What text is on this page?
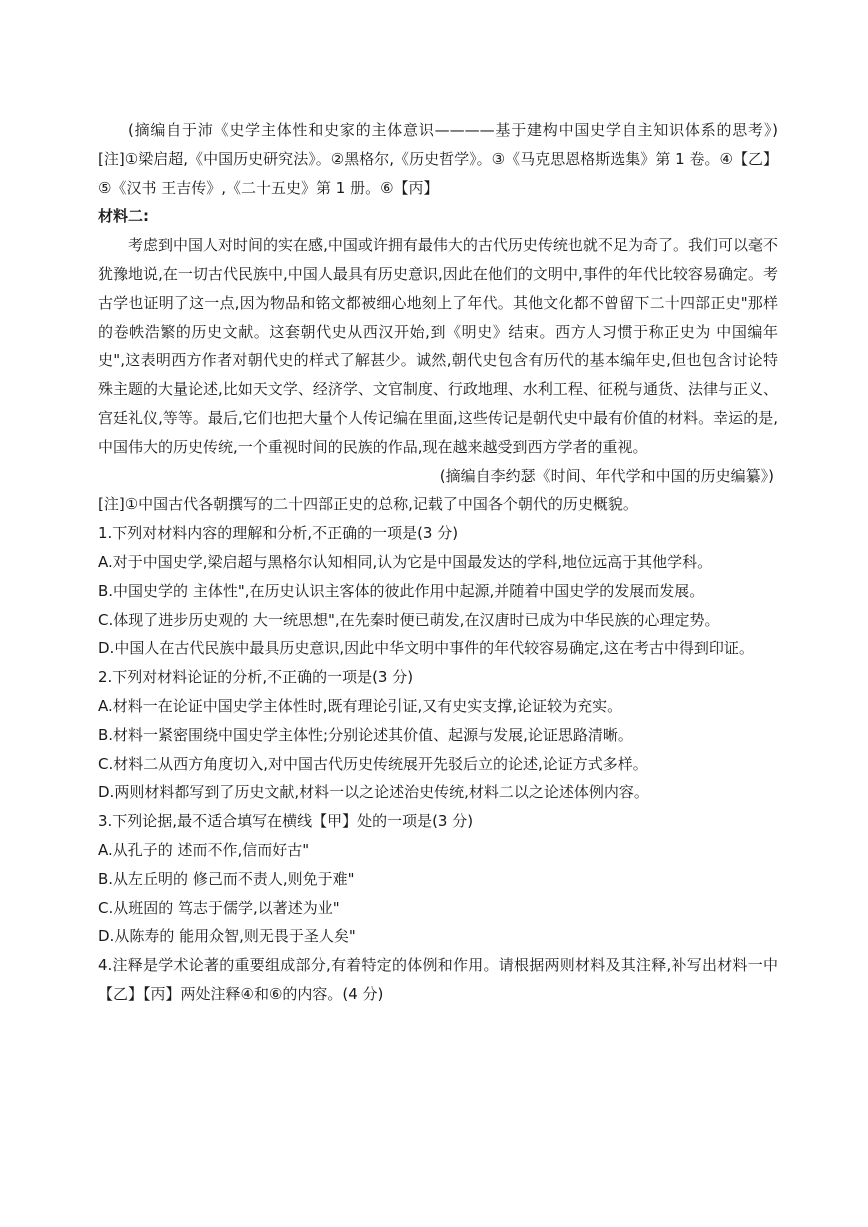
(摘编自于沛《史学主体性和史家的主体意识————基于建构中国史学自主知识体系的思考》)[注]①梁启超,《中国历史研究法》。②黑格尔,《历史哲学》。③《马克思恩格斯选集》第 1 卷。④【乙】⑤《汉书 王吉传》,《二十五史》第 1 册。⑥【丙】

材料二:

考虑到中国人对时间的实在感,中国或许拥有最伟大的古代历史传统也就不足为奇了。我们可以毫不犹豫地说,在一切古代民族中,中国人最具有历史意识,因此在他们的文明中,事件的年代比较容易确定。考古学也证明了这一点,因为物品和铭文都被细心地刻上了年代。其他文化都不曾留下二十四部正史"那样的卷帙浩繁的历史文献。这套朝代史从西汉开始,到《明史》结束。西方人习惯于称正史为 中国编年史",这表明西方作者对朝代史的样式了解甚少。诚然,朝代史包含有历代的基本编年史,但也包含讨论特殊主题的大量论述,比如天文学、经济学、文官制度、行政地理、水利工程、征税与通货、法律与正义、宫廷礼仪,等等。最后,它们也把大量个人传记编在里面,这些传记是朝代史中最有价值的材料。幸运的是,中国伟大的历史传统,一个重视时间的民族的作品,现在越来越受到西方学者的重视。

(摘编自李约瑟《时间、年代学和中国的历史编纂》)

[注]①中国古代各朝撰写的二十四部正史的总称,记载了中国各个朝代的历史概貌。

1.下列对材料内容的理解和分析,不正确的一项是(3 分)

A.对于中国史学,梁启超与黑格尔认知相同,认为它是中国最发达的学科,地位远高于其他学科。

B.中国史学的 主体性",在历史认识主客体的彼此作用中起源,并随着中国史学的发展而发展。

C.体现了进步历史观的 大一统思想",在先秦时便已萌发,在汉唐时已成为中华民族的心理定势。

D.中国人在古代民族中最具历史意识,因此中华文明中事件的年代较容易确定,这在考古中得到印证。

2.下列对材料论证的分析,不正确的一项是(3 分)

A.材料一在论证中国史学主体性时,既有理论引证,又有史实支撑,论证较为充实。

B.材料一紧密围绕中国史学主体性;分别论述其价值、起源与发展,论证思路清晰。

C.材料二从西方角度切入,对中国古代历史传统展开先驳后立的论述,论证方式多样。

D.两则材料都写到了历史文献,材料一以之论述治史传统,材料二以之论述体例内容。

3.下列论据,最不适合填写在横线【甲】处的一项是(3 分)

A.从孔子的 述而不作,信而好古"

B.从左丘明的 修己而不责人,则免于难"

C.从班固的 笃志于儒学,以著述为业"

D.从陈寿的 能用众智,则无畏于圣人矣"

4.注释是学术论著的重要组成部分,有着特定的体例和作用。请根据两则材料及其注释,补写出材料一中【乙】【丙】两处注释④和⑥的内容。(4 分)
